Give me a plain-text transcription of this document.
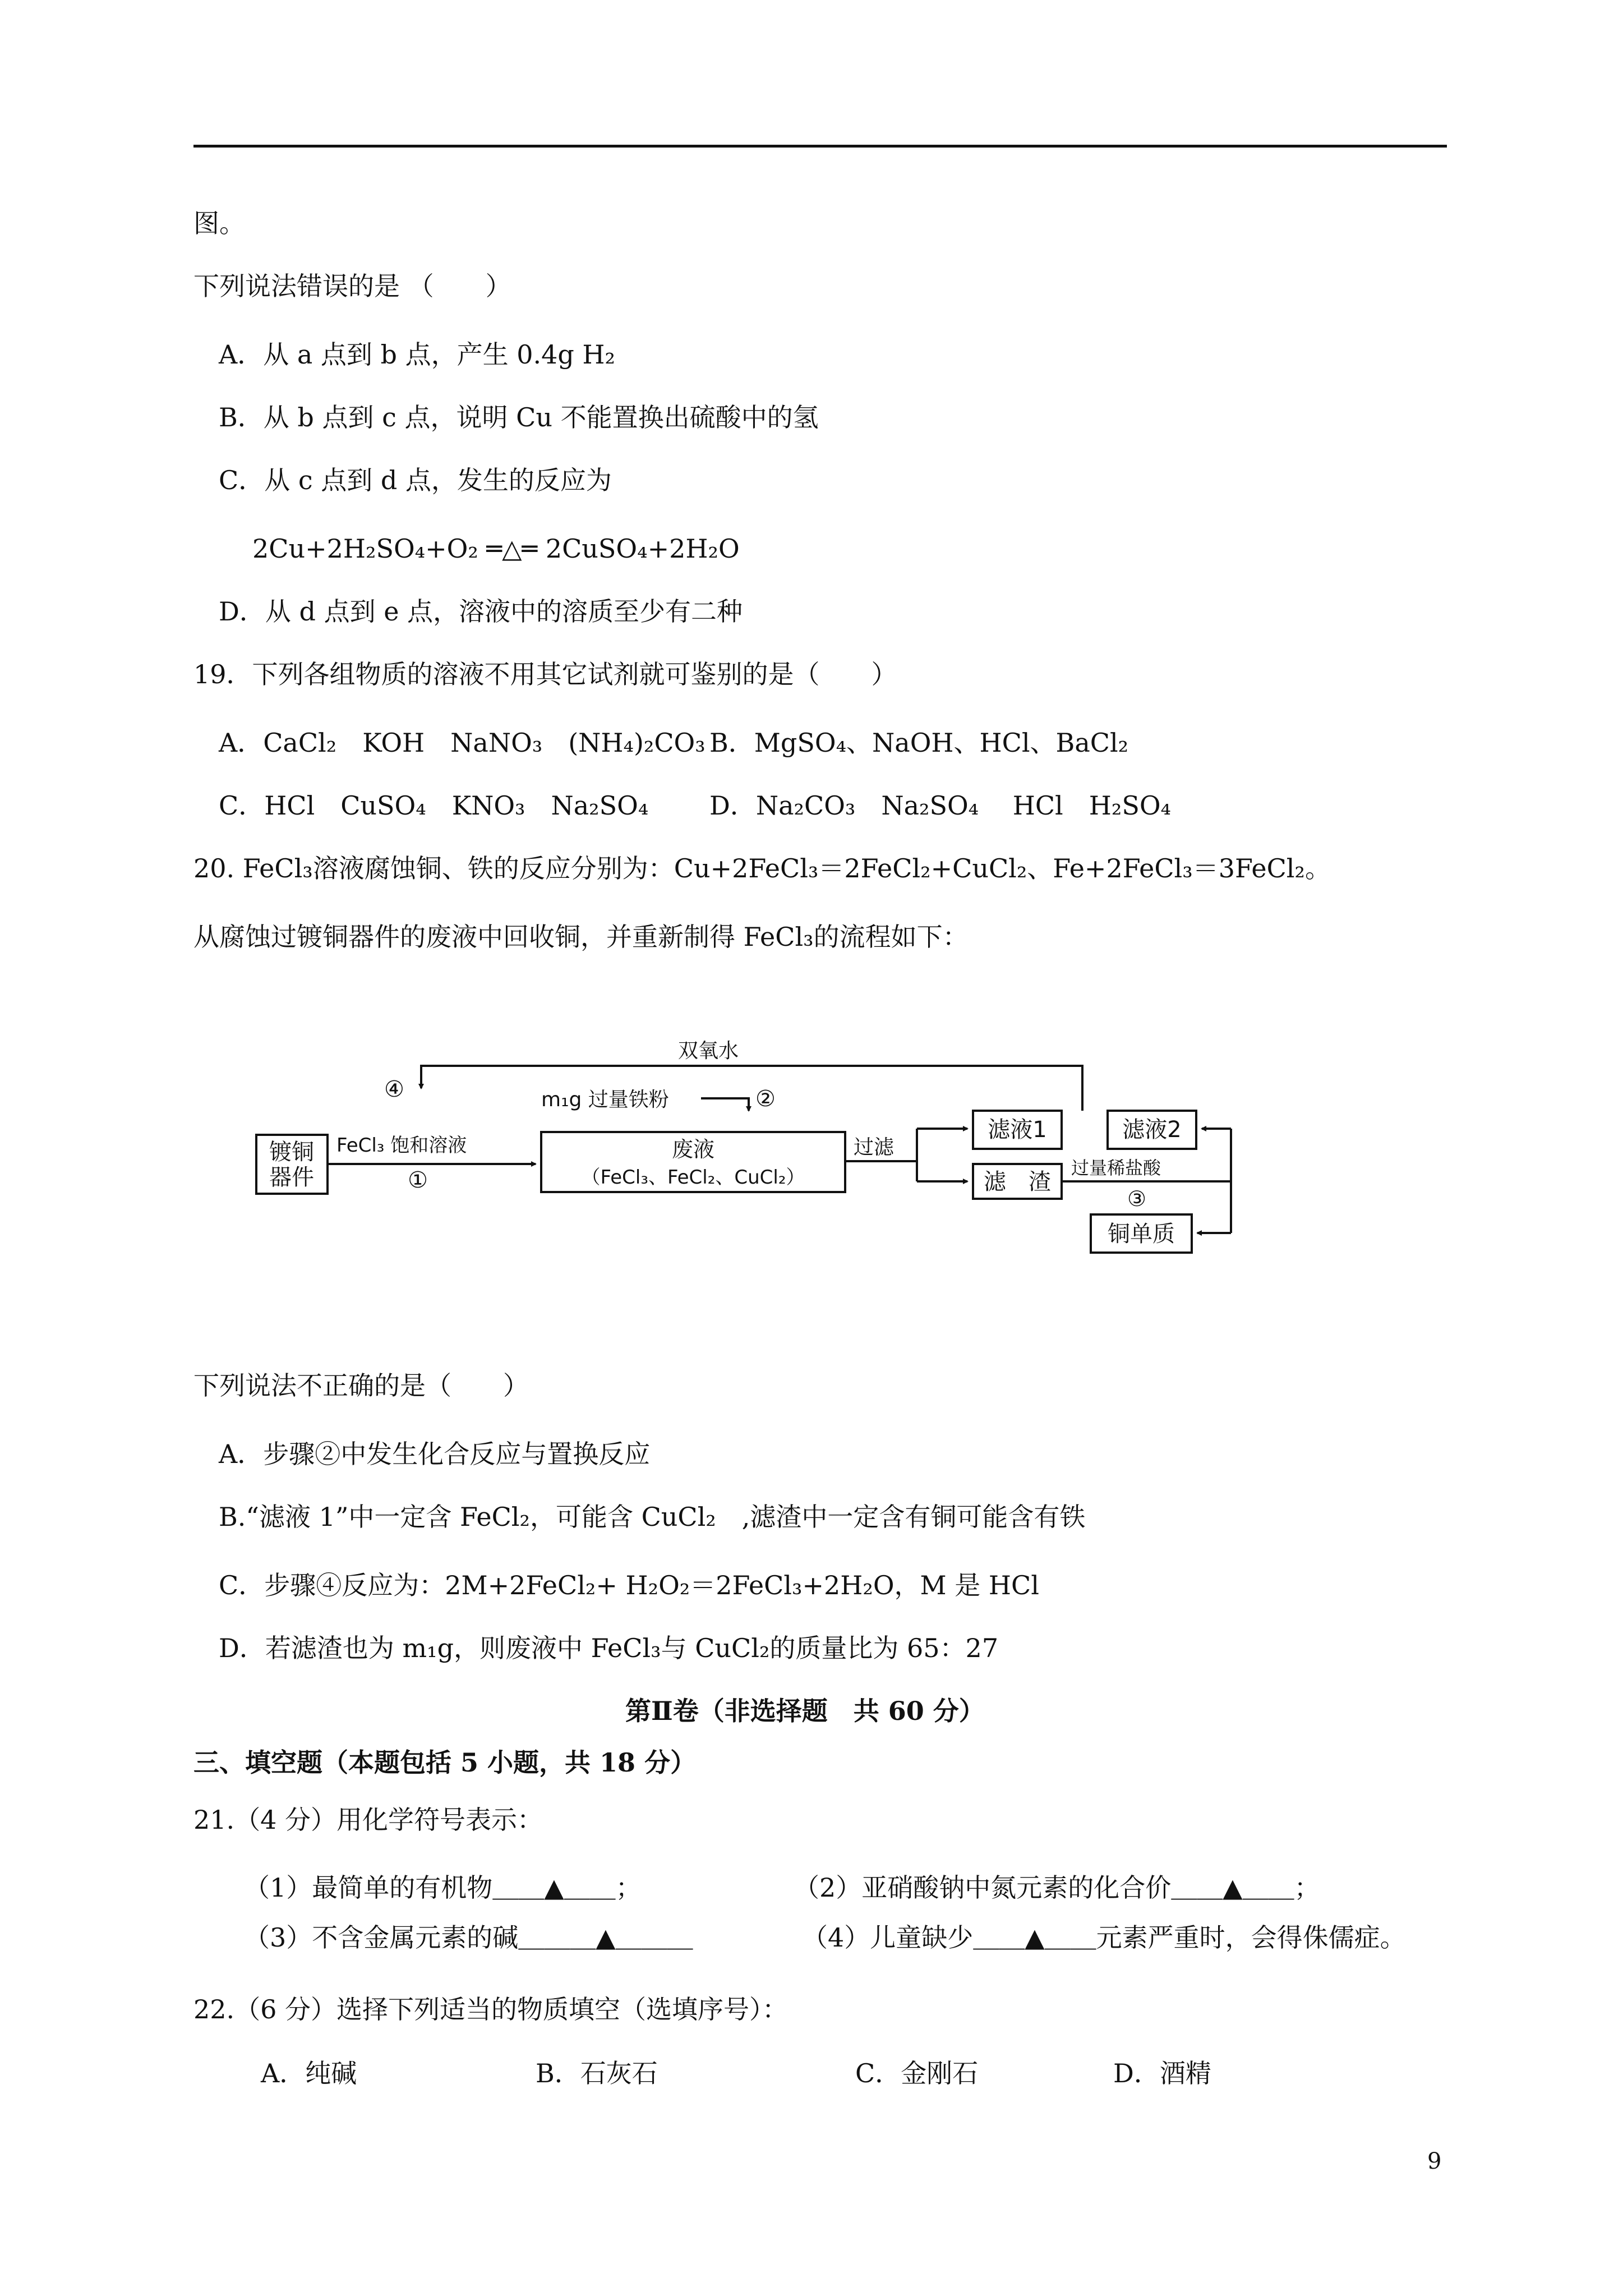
图。
下列说法错误的是 （　　）
A．从 a 点到 b 点，产生 0.4g H₂
B．从 b 点到 c 点，说明 Cu 不能置换出硫酸中的氢
C．从 c 点到 d 点，发生的反应为
2Cu+2H₂SO₄+O₂ ═△═ 2CuSO₄+2H₂O
D．从 d 点到 e 点，溶液中的溶质至少有二种
19．下列各组物质的溶液不用其它试剂就可鉴别的是（　　）
A．CaCl₂　KOH　NaNO₃　(NH₄)₂CO₃ B．MgSO₄、NaOH、HCl、BaCl₂
C．HCl　CuSO₄　KNO₃　Na₂SO₄ D．Na₂CO₃　Na₂SO₄　 HCl　H₂SO₄
20. FeCl₃溶液腐蚀铜、铁的反应分别为：Cu+2FeCl₃＝2FeCl₂+CuCl₂、Fe+2FeCl₃＝3FeCl₂。
从腐蚀过镀铜器件的废液中回收铜，并重新制得 FeCl₃的流程如下：
双氧水
④	m₁g 过量铁粉	②
镀铜
器件
FeCl₃ 饱和溶液
①
废液
（FeCl₃、FeCl₂、CuCl₂）
过滤
滤液1	滤液2
滤　渣
过量稀盐酸
③
铜单质
下列说法不正确的是（　　）
A．步骤②中发生化合反应与置换反应
B.“滤液 1”中一定含 FeCl₂，可能含 CuCl₂　,滤渣中一定含有铜可能含有铁
C．步骤④反应为：2M+2FeCl₂+ H₂O₂＝2FeCl₃+2H₂O，M 是 HCl
D．若滤渣也为 m₁g，则废液中 FeCl₃与 CuCl₂的质量比为 65：27
第Ⅱ卷（非选择题　共 60 分）
三、填空题（本题包括 5 小题，共 18 分）
21.（4 分）用化学符号表示：
（1）最简单的有机物＿＿▲＿＿；	（2）亚硝酸钠中氮元素的化合价＿＿▲＿＿；
（3）不含金属元素的碱＿＿＿▲＿＿＿	（4）儿童缺少＿＿▲＿＿元素严重时，会得侏儒症。
22.（6 分）选择下列适当的物质填空（选填序号）：
A．纯碱	B．石灰石	C．金刚石	D．酒精
9
